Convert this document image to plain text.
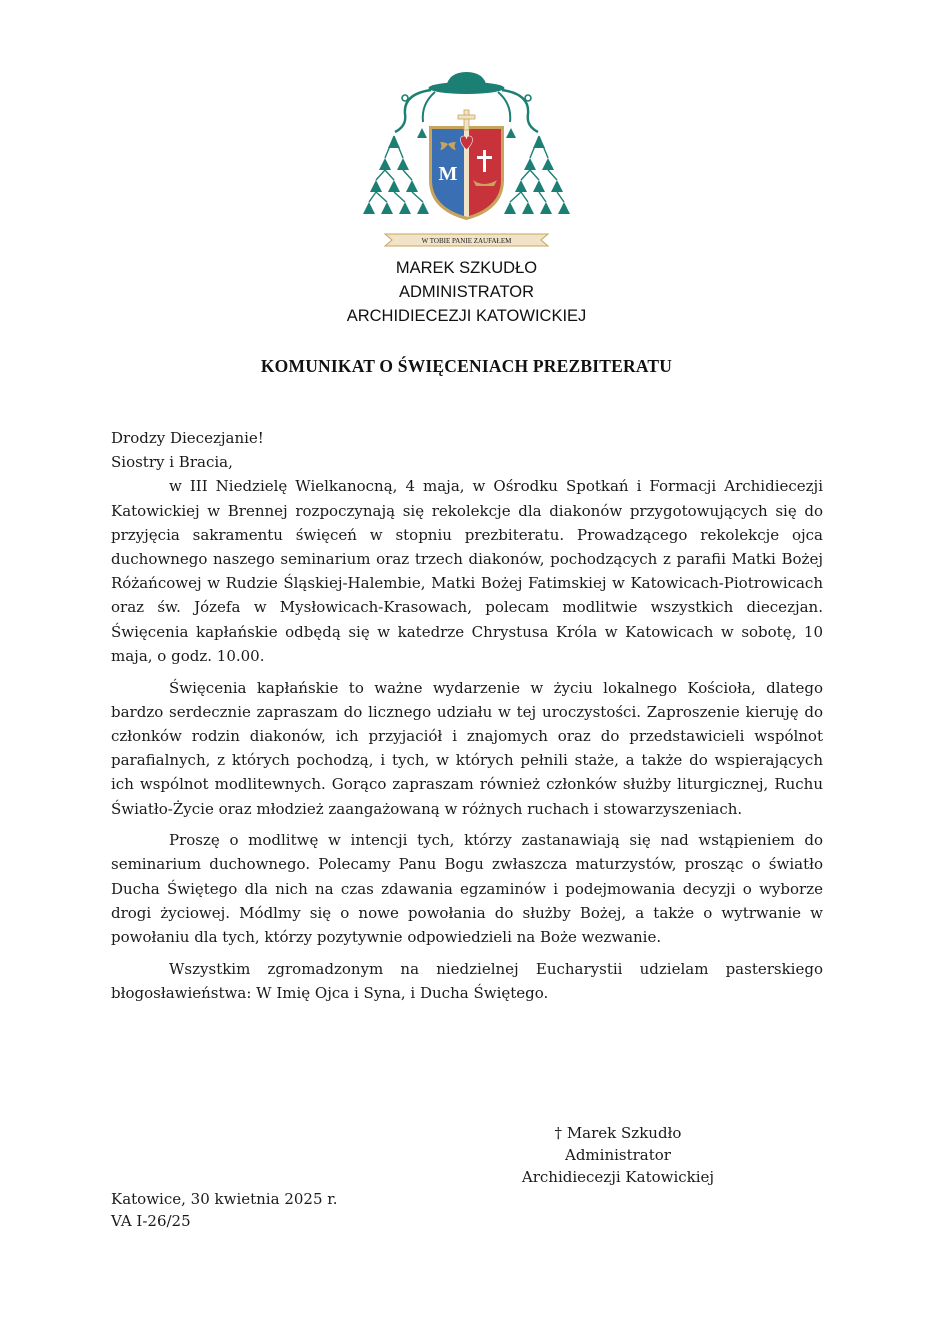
M
W TOBIE PANIE ZAUFAŁEM
MAREK SZKUDŁO
ADMINISTRATOR
ARCHIDIECEZJI KATOWICKIEJ
KOMUNIKAT O ŚWIĘCENIACH PREZBITERATU

Drodzy Diecezjanie!

Siostry i Bracia,

w III Niedzielę Wielkanocną, 4 maja, w Ośrodku Spotkań i Formacji Archidiecezji Katowickiej w Brennej rozpoczynają się rekolekcje dla diakonów przygotowujących się do przyjęcia sakramentu święceń w stopniu prezbiteratu. Prowadzącego rekolekcje ojca duchownego naszego seminarium oraz trzech diakonów, pochodzących z parafii Matki Bożej Różańcowej w Rudzie Śląskiej-Halembie, Matki Bożej Fatimskiej w Katowicach-Piotrowicach oraz św. Józefa w Mysłowicach-Krasowach, polecam modlitwie wszystkich diecezjan. Święcenia kapłańskie odbędą się w katedrze Chrystusa Króla w Katowicach w sobotę, 10 maja, o godz. 10.00.

Święcenia kapłańskie to ważne wydarzenie w życiu lokalnego Kościoła, dlatego bardzo serdecznie zapraszam do licznego udziału w tej uroczystości. Zaproszenie kieruję do członków rodzin diakonów, ich przyjaciół i znajomych oraz do przedstawicieli wspólnot parafialnych, z których pochodzą, i tych, w których pełnili staże, a także do wspierających ich wspólnot modlitewnych. Gorąco zapraszam również członków służby liturgicznej, Ruchu Światło-Życie oraz młodzież zaangażowaną w różnych ruchach i stowarzyszeniach.

Proszę o modlitwę w intencji tych, którzy zastanawiają się nad wstąpieniem do seminarium duchownego. Polecamy Panu Bogu zwłaszcza maturzystów, prosząc o światło Ducha Świętego dla nich na czas zdawania egzaminów i podejmowania decyzji o wyborze drogi życiowej. Módlmy się o nowe powołania do służby Bożej, a także o wytrwanie w powołaniu dla tych, którzy pozytywnie odpowiedzieli na Boże wezwanie.

Wszystkim zgromadzonym na niedzielnej Eucharystii udzielam pasterskiego błogosławieństwa: W Imię Ojca i Syna, i Ducha Świętego.

† Marek Szkudło
Administrator
Archidiecezji Katowickiej
Katowice, 30 kwietnia 2025 r.
VA I-26/25
